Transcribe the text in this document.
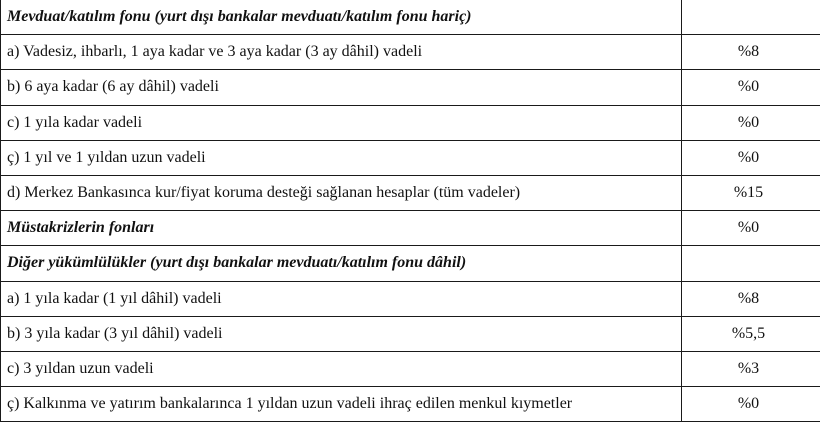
Mevduat/katılım fonu (yurt dışı bankalar mevduatı/katılım fonu hariç)	
a) Vadesiz, ihbarlı, 1 aya kadar ve 3 aya kadar (3 ay dâhil) vadeli	%8
b) 6 aya kadar (6 ay dâhil) vadeli	%0
c) 1 yıla kadar vadeli	%0
ç) 1 yıl ve 1 yıldan uzun vadeli	%0
d) Merkez Bankasınca kur/fiyat koruma desteği sağlanan hesaplar (tüm vadeler)	%15
Müstakrizlerin fonları	%0
Diğer yükümlülükler (yurt dışı bankalar mevduatı/katılım fonu dâhil)	
a) 1 yıla kadar (1 yıl dâhil) vadeli	%8
b) 3 yıla kadar (3 yıl dâhil) vadeli	%5,5
c) 3 yıldan uzun vadeli	%3
ç) Kalkınma ve yatırım bankalarınca 1 yıldan uzun vadeli ihraç edilen menkul kıymetler	%0
